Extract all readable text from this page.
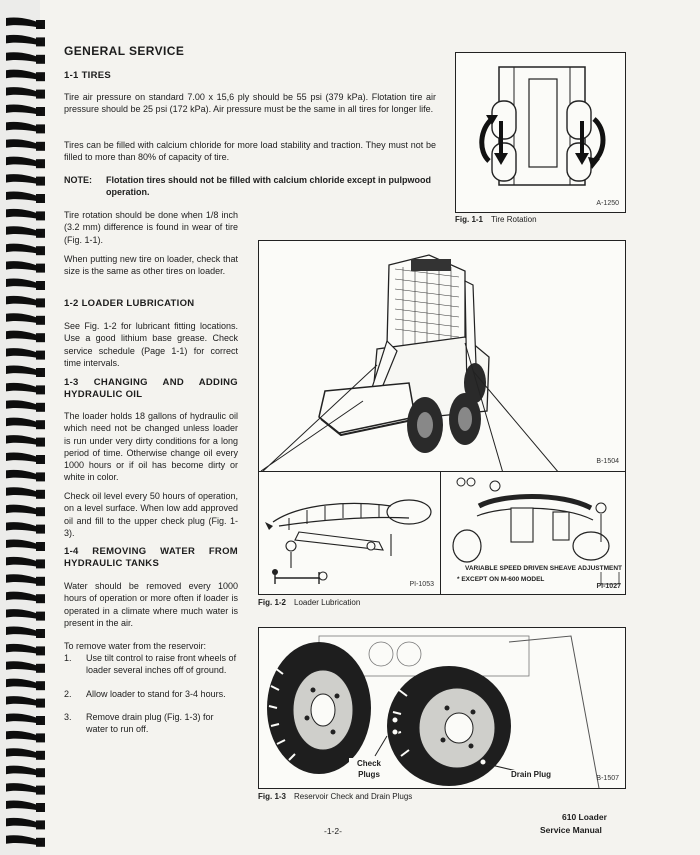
GENERAL SERVICE
1-1 TIRES
Tire air pressure on standard 7.00 x 15,6 ply should be 55 psi (379 kPa). Flotation tire air pressure should be 25 psi (172 kPa). Air pressure must be the same in all tires for longer life.
Tires can be filled with calcium chloride for more load stability and traction. They must not be filled to more than 80% of capacity of tire.
NOTE: Flotation tires should not be filled with calcium chloride except in pulpwood operation.
Tire rotation should be done when 1/8 inch (3.2 mm) difference is found in wear of tire (Fig. 1-1).
When putting new tire on loader, check that size is the same as other tires on loader.
1-2 LOADER LUBRICATION
See Fig. 1-2 for lubricant fitting locations. Use a good lithium base grease. Check service schedule (Page 1-1) for correct time intervals.
1-3 CHANGING AND ADDING HYDRAULIC OIL
The loader holds 18 gallons of hydraulic oil which need not be changed unless loader is run under very dirty conditions for a long period of time. Otherwise change oil every 1000 hours or if oil has become dirty or white in color.
Check oil level every 50 hours of operation, on a level surface. When low add approved oil and fill to the upper check plug (Fig. 1-3).
1-4 REMOVING WATER FROM HYDRAULIC TANKS
Water should be removed every 1000 hours of operation or more often if loader is operated in a climate where much water is present in the air.
To remove water from the reservoir:
1. Use tilt control to raise front wheels of loader several inches off of ground.
2. Allow loader to stand for 3-4 hours.
3. Remove drain plug (Fig. 1-3) for water to run off.
A-1250
Fig. 1-1 Tire Rotation
B-1504
PI-1053
VARIABLE SPEED DRIVEN SHEAVE ADJUSTMENT
* EXCEPT ON M-600 MODEL
PI-1027
Fig. 1-2 Loader Lubrication
Check Plugs	Drain Plug	B-1507
Fig. 1-3 Reservoir Check and Drain Plugs
-1-2-
610 Loader
Service Manual
